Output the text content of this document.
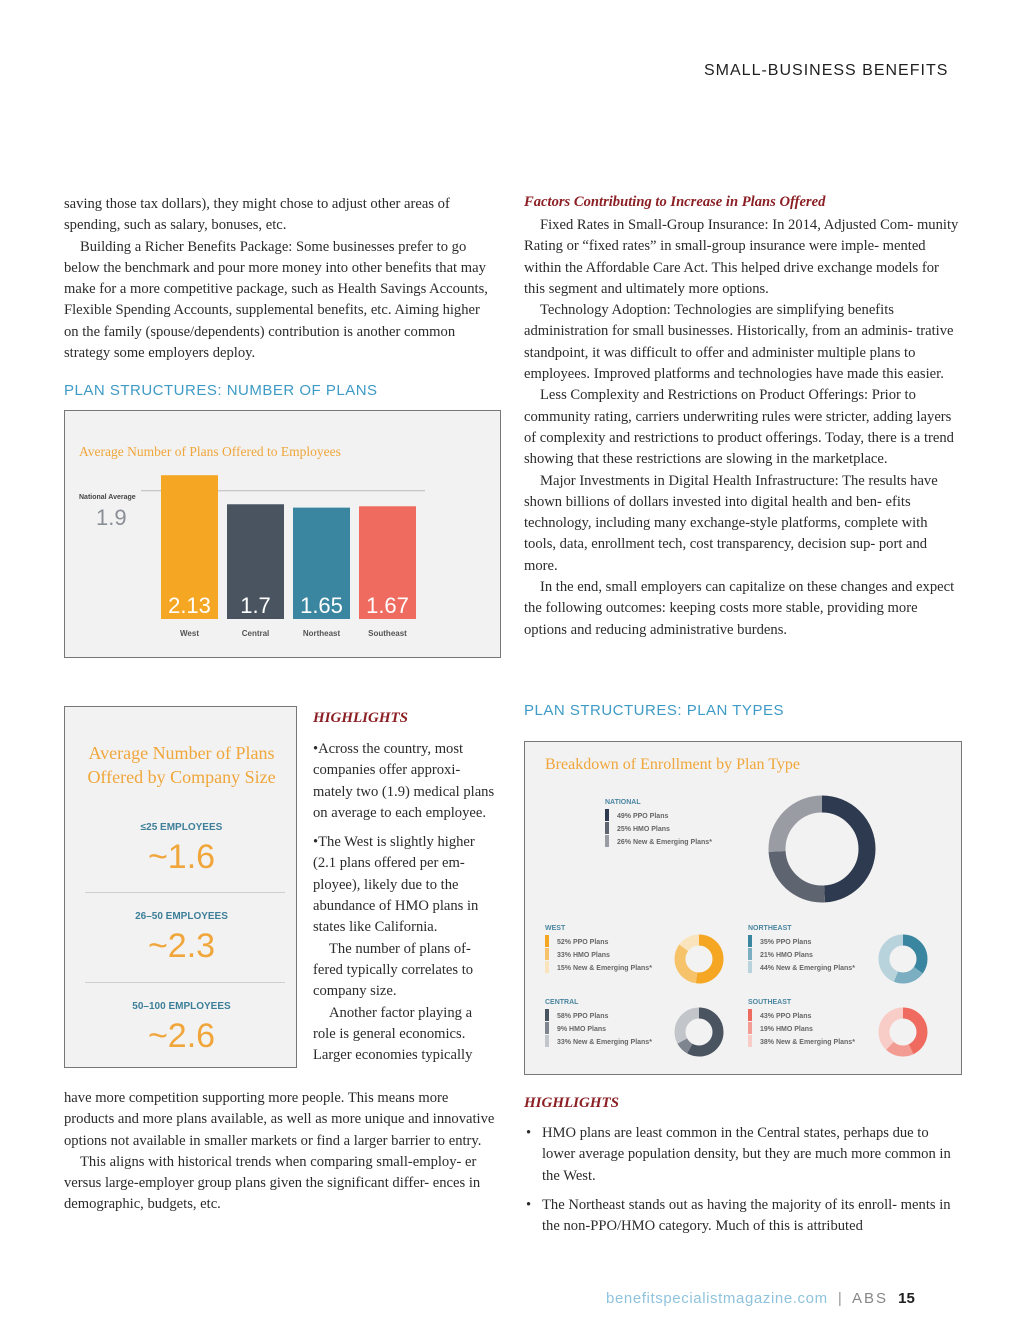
SMALL-BUSINESS BENEFITS

saving those tax dollars), they might chose to adjust other areas of spending, such as salary, bonuses, etc.

Building a Richer Benefits Package: Some businesses prefer to go below the benchmark and pour more money into other benefits that may make for a more competitive package, such as Health Savings Accounts, Flexible Spending Accounts, supplemental benefits, etc. Aiming higher on the family (spouse/dependents) contribution is another common strategy some employers deploy.

PLAN STRUCTURES: NUMBER OF PLANS
Average Number of Plans Offered to Employees
National Average
1.9
2.13
West
1.7
Central
1.65
Northeast
1.67
Southeast
Average Number of Plans
Offered by Company Size
≤25 EMPLOYEES
~1.6
26–50 EMPLOYEES
~2.3
50–100 EMPLOYEES
~2.6
HIGHLIGHTS

•Across the country, most companies offer approxi- mately two (1.9) medical plans on average to each employee.

•The West is slightly higher (2.1 plans offered per em- ployee), likely due to the abundance of HMO plans in states like California.

The number of plans of- fered typically correlates to company size.

Another factor playing a role is general economics. Larger economies typically

have more competition supporting more people. This means more products and more plans available, as well as more unique and innovative options not available in smaller markets or find a larger barrier to entry.

This aligns with historical trends when comparing small-employ- er versus large-employer group plans given the significant differ- ences in demographic, budgets, etc.

Factors Contributing to Increase in Plans Offered

Fixed Rates in Small-Group Insurance: In 2014, Adjusted Com- munity Rating or “fixed rates” in small-group insurance were imple- mented within the Affordable Care Act. This helped drive exchange models for this segment and ultimately more options.

Technology Adoption: Technologies are simplifying benefits administration for small businesses. Historically, from an adminis- trative standpoint, it was difficult to offer and administer multiple plans to employees. Improved platforms and technologies have made this easier.

Less Complexity and Restrictions on Product Offerings: Prior to community rating, carriers underwriting rules were stricter, adding layers of complexity and restrictions to product offerings. Today, there is a trend showing that these restrictions are slowing in the marketplace.

Major Investments in Digital Health Infrastructure: The results have shown billions of dollars invested into digital health and ben- efits technology, including many exchange-style platforms, complete with tools, data, enrollment tech, cost transparency, decision sup- port and more.

In the end, small employers can capitalize on these changes and expect the following outcomes: keeping costs more stable, providing more options and reducing administrative burdens.

PLAN STRUCTURES: PLAN TYPES
Breakdown of Enrollment by Plan Type
NATIONAL
49% PPO Plans
25% HMO Plans
26% New & Emerging Plans*
WEST
52% PPO Plans
33% HMO Plans
15% New & Emerging Plans*
NORTHEAST
35% PPO Plans
21% HMO Plans
44% New & Emerging Plans*
CENTRAL
58% PPO Plans
9% HMO Plans
33% New & Emerging Plans*
SOUTHEAST
43% PPO Plans
19% HMO Plans
38% New & Emerging Plans*
HIGHLIGHTS
• HMO plans are least common in the Central states, perhaps due to lower average population density, but they are much more common in the West.
• The Northeast stands out as having the majority of its enroll- ments in the non-PPO/HMO category. Much of this is attributed
benefitspecialistmagazine.com | ABS 15
